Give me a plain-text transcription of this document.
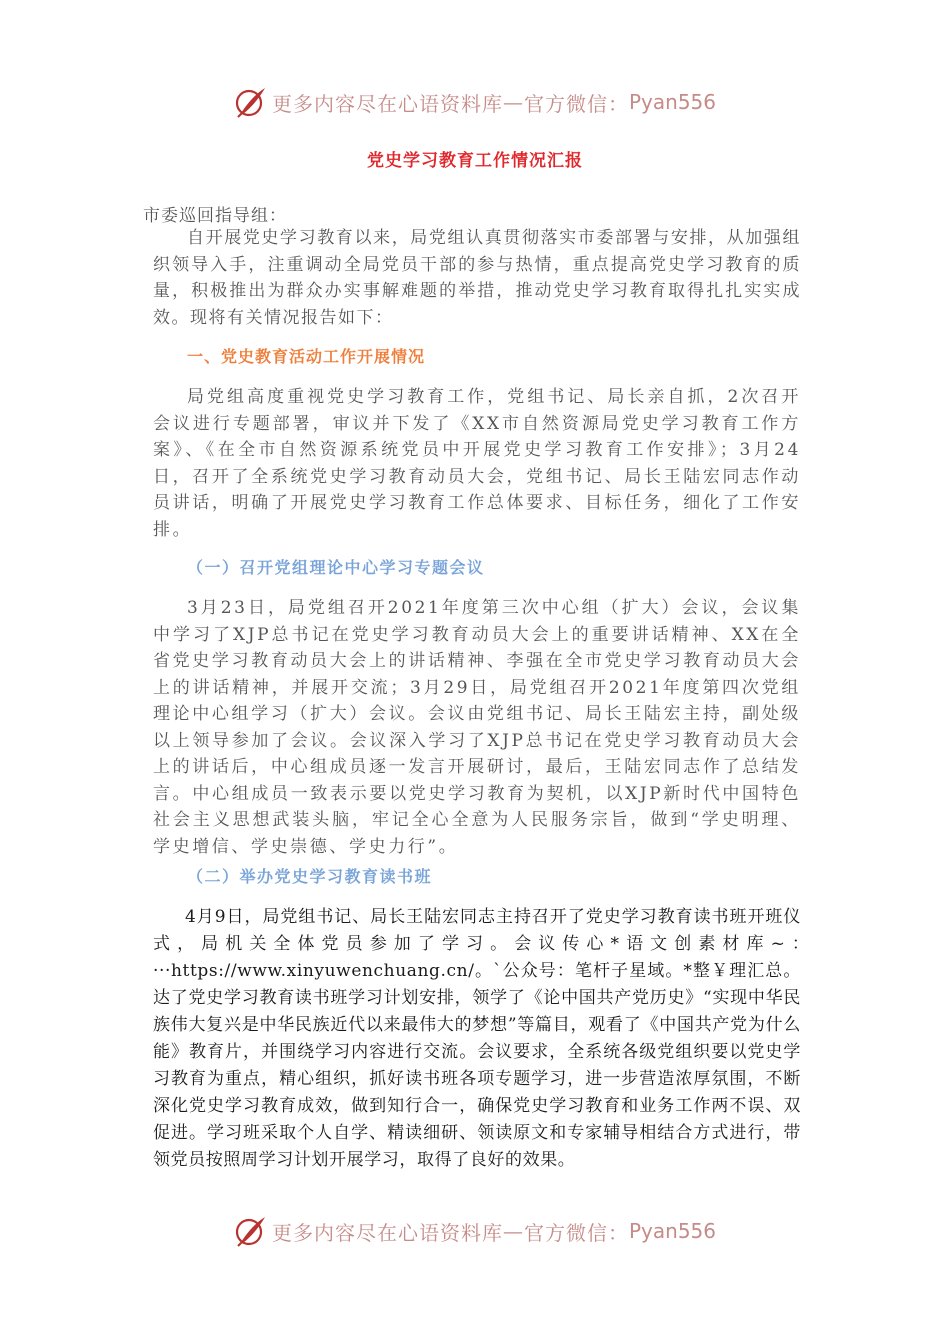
更多内容尽在心语资料库 — 官方微信： Pyan556
党史学习教育工作情况汇报
市委巡回指导组：

自开展党史学习教育以来，局党组认真贯彻落实市委部署与安排，从加强组织领导入手，注重调动全局党员干部的参与热情，重点提高党史学习教育的质量，积极推出为群众办实事解难题的举措，推动党史学习教育取得扎扎实实成效。现将有关情况报告如下：

一、党史教育活动工作开展情况

局党组高度重视党史学习教育工作，党组书记、局长亲自抓，2次召开会议进行专题部署，审议并下发了《XX市自然资源局党史学习教育工作方案》、《在全市自然资源系统党员中开展党史学习教育工作安排》；3月24日，召开了全系统党史学习教育动员大会，党组书记、局长王陆宏同志作动员讲话，明确了开展党史学习教育工作总体要求、目标任务，细化了工作安排。

（一）召开党组理论中心学习专题会议

3月23日，局党组召开2021年度第三次中心组（扩大）会议，会议集中学习了XJP总书记在党史学习教育动员大会上的重要讲话精神、XX在全省党史学习教育动员大会上的讲话精神、李强在全市党史学习教育动员大会上的讲话精神，并展开交流；3月29日，局党组召开2021年度第四次党组理论中心组学习（扩大）会议。会议由党组书记、局长王陆宏主持，副处级以上领导参加了会议。会议深入学习了XJP总书记在党史学习教育动员大会上的讲话后，中心组成员逐一发言开展研讨，最后，王陆宏同志作了总结发言。中心组成员一致表示要以党史学习教育为契机，以XJP新时代中国特色社会主义思想武装头脑，牢记全心全意为人民服务宗旨，做到“学史明理、学史增信、学史崇德、学史力行”。

（二）举办党史学习教育读书班

4月9日，局党组书记、局长王陆宏同志主持召开了党史学习教育读书班开班仪式，局机关全体党员参加了学习。会议传心*语文创素材库~：···https://www.xinyuwenchuang.cn/。`公众号：笔杆子星域。*整￥理汇总。达了党史学习教育读书班学习计划安排，领学了《论中国共产党历史》“实现中华民族伟大复兴是中华民族近代以来最伟大的梦想”等篇目，观看了《中国共产党为什么能》教育片，并围绕学习内容进行交流。会议要求，全系统各级党组织要以党史学习教育为重点，精心组织，抓好读书班各项专题学习，进一步营造浓厚氛围，不断深化党史学习教育成效，做到知行合一，确保党史学习教育和业务工作两不误、双促进。学习班采取个人自学、精读细研、领读原文和专家辅导相结合方式进行，带领党员按照周学习计划开展学习，取得了良好的效果。

更多内容尽在心语资料库 — 官方微信： Pyan556
